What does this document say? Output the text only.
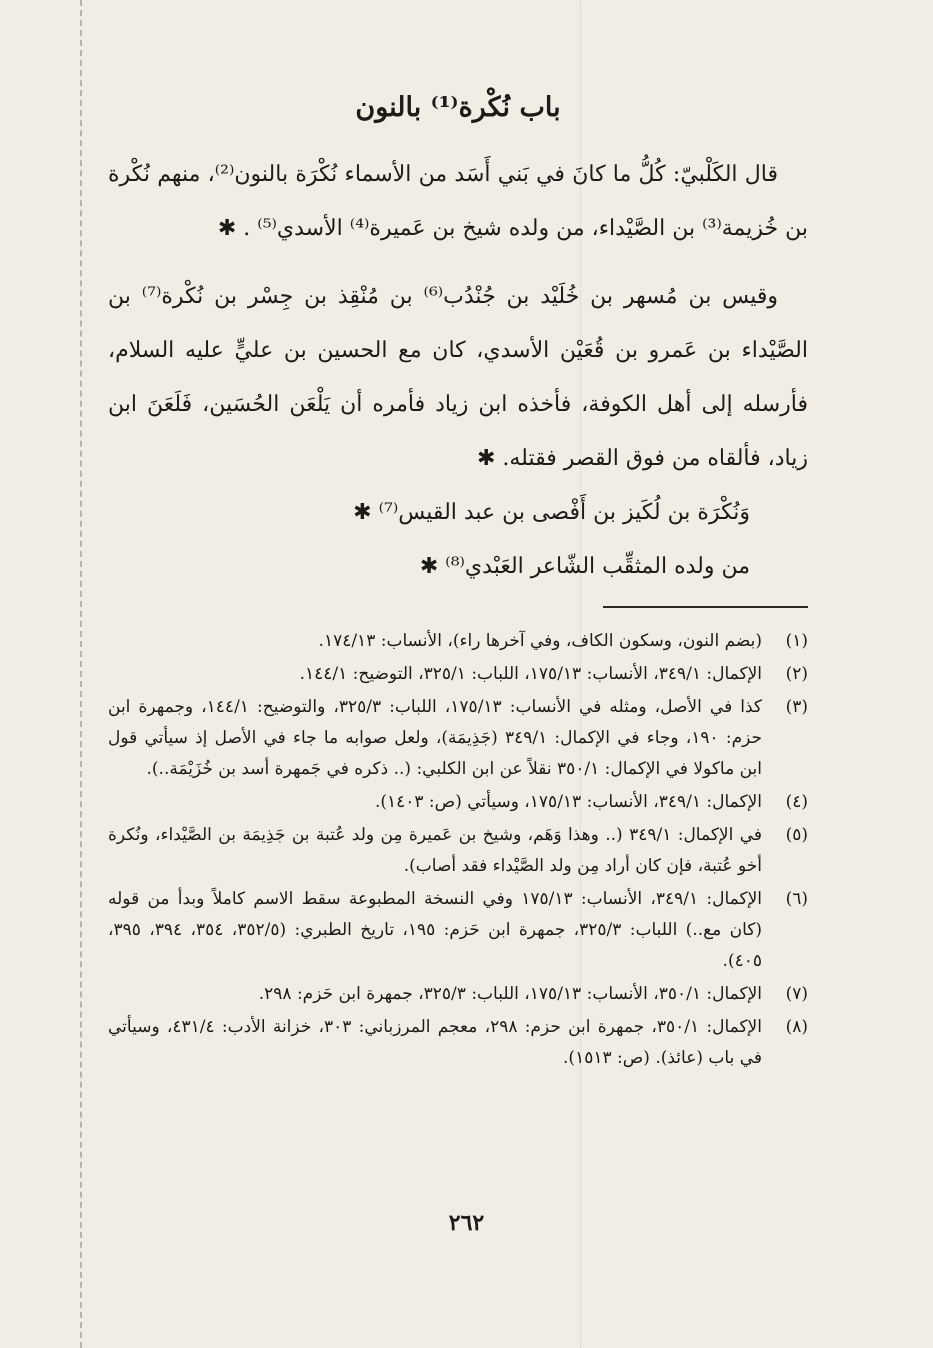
باب نُكْرة⁽¹⁾ بالنون

قال الكَلْبيّ: كُلُّ ما كانَ في بَني أَسَد من الأسماء نُكْرَة بالنون⁽²⁾، منهم نُكْرة بن خُزيمة⁽³⁾ بن الصَّيْداء، من ولده شيخ بن عَميرة⁽⁴⁾ الأسدي⁽⁵⁾ . ✱

وقيس بن مُسهر بن خُلَيْد بن جُنْدُب⁽⁶⁾ بن مُنْقِذ بن جِسْر بن نُكْرة⁽⁷⁾ بن الصَّيْداء بن عَمرو بن قُعَيْن الأسدي، كان مع الحسين بن عليٍّ عليه السلام، فأرسله إلى أهل الكوفة، فأخذه ابن زياد فأمره أن يَلْعَن الحُسَين، فَلَعَنَ ابن زياد، فألقاه من فوق القصر فقتله. ✱

وَنُكْرَة بن لُكَيز بن أَفْصى بن عبد القيس⁽⁷⁾ ✱

من ولده المثقِّب الشّاعر العَبْدي⁽⁸⁾ ✱

(١)
(بضم النون، وسكون الكاف، وفي آخرها راء)، الأنساب: ١٧٤/١٣.
(٢)
الإكمال: ٣٤٩/١، الأنساب: ١٧٥/١٣، اللباب: ٣٢٥/١، التوضيح: ١٤٤/١.
(٣)
كذا في الأصل، ومثله في الأنساب: ١٧٥/١٣، اللباب: ٣٢٥/٣، والتوضيح: ١٤٤/١، وجمهرة ابن حزم: ١٩٠، وجاء في الإكمال: ٣٤٩/١ (جَذِيمَة)، ولعل صوابه ما جاء في الأصل إذ سيأتي قول ابن ماكولا في الإكمال: ٣٥٠/١ نقلاً عن ابن الكلبي: (.. ذكره في جَمهرة أسد بن خُزَيْمَة..).
(٤)
الإكمال: ٣٤٩/١، الأنساب: ١٧٥/١٣، وسيأتي (ص: ١٤٠٣).
(٥)
في الإكمال: ٣٤٩/١ (.. وهذا وَهَم، وشيخ بن عَميرة مِن ولد عُتبة بن جَذِيمَة بن الصَّيْداء، ونُكرة أخو عُتبة، فإن كان أراد مِن ولد الصَّيْداء فقد أصاب).
(٦)
الإكمال: ٣٤٩/١، الأنساب: ١٧٥/١٣ وفي النسخة المطبوعة سقط الاسم كاملاً وبدأ من قوله (كان مع..) اللباب: ٣٢٥/٣، جمهرة ابن حَزم: ١٩٥، تاريخ الطبري: (٣٥٢/٥، ٣٥٤، ٣٩٤، ٣٩٥، ٤٠٥).
(٧)
الإكمال: ٣٥٠/١، الأنساب: ١٧٥/١٣، اللباب: ٣٢٥/٣، جمهرة ابن حَزم: ٢٩٨.
(٨)
الإكمال: ٣٥٠/١، جمهرة ابن حزم: ٢٩٨، معجم المرزباني: ٣٠٣، خزانة الأدب: ٤٣١/٤، وسيأتي في باب (عائذ). (ص: ١٥١٣).
٢٦٢
